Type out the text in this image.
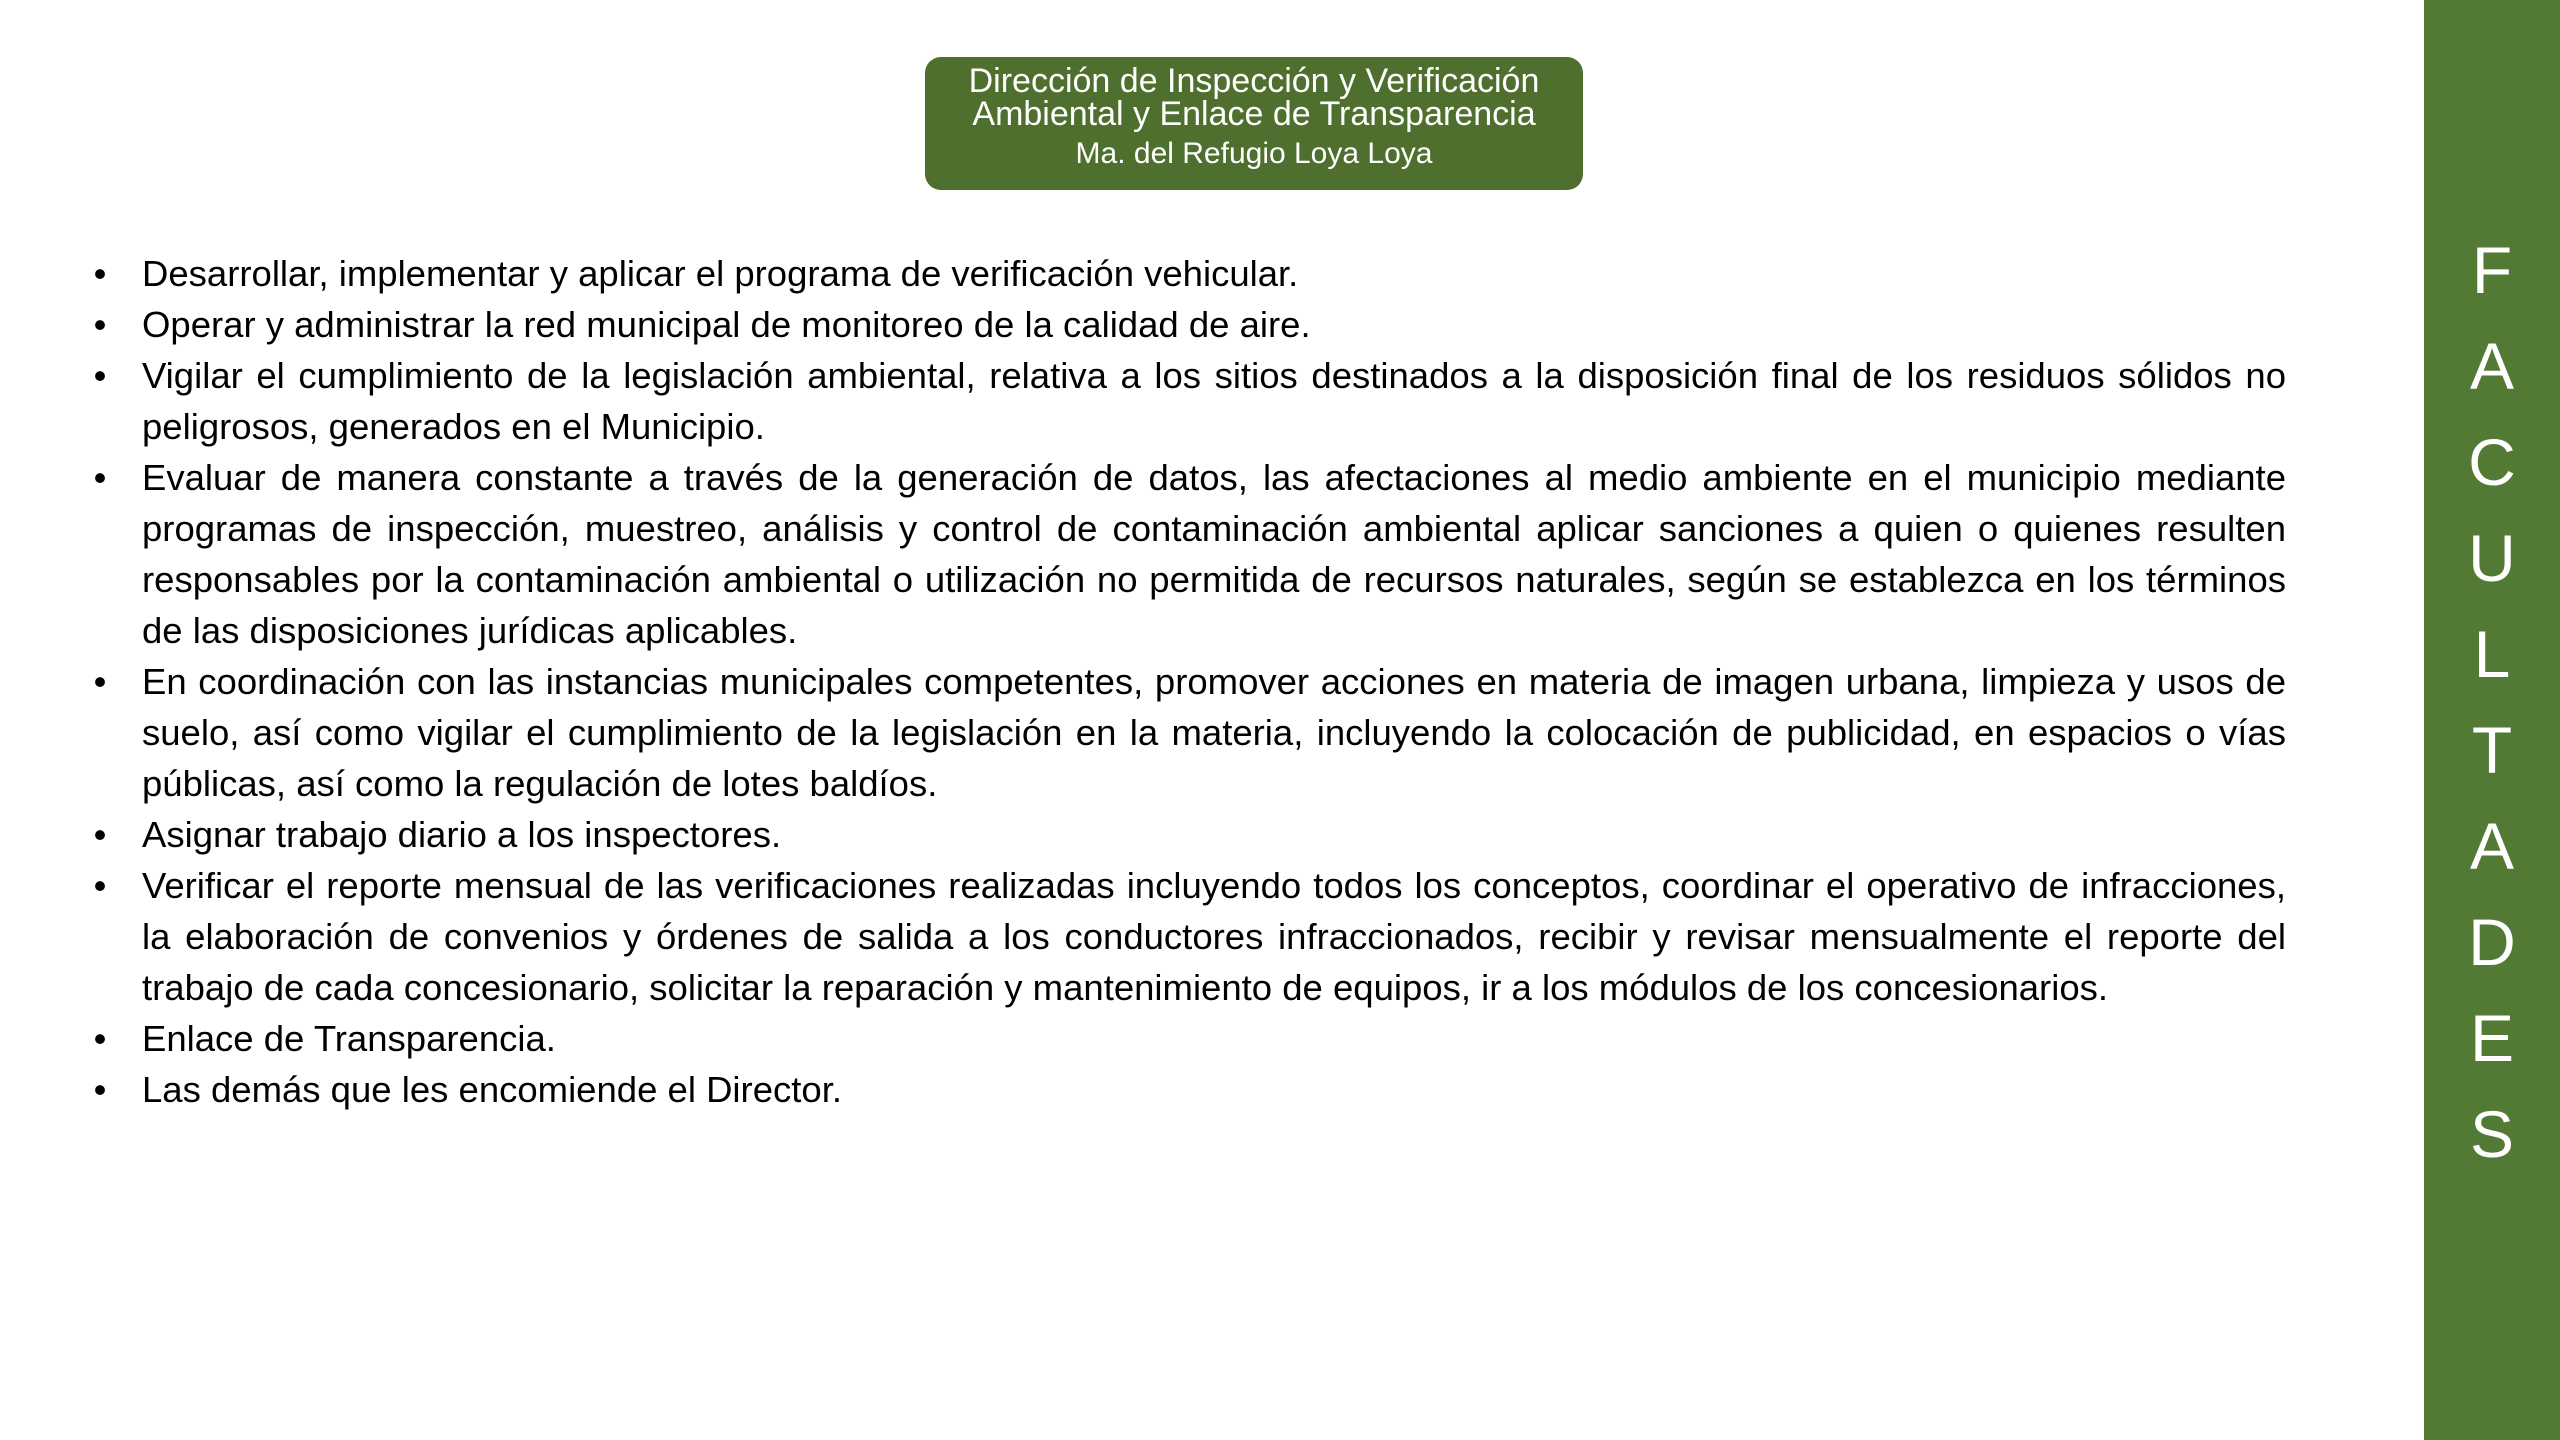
Dirección de Inspección y Verificación
Ambiental y Enlace de Transparencia
Ma. del Refugio Loya Loya
• Desarrollar, implementar y aplicar el programa de verificación vehicular.
• Operar y administrar la red municipal de monitoreo de la calidad de aire.
• Vigilar el cumplimiento de la legislación ambiental, relativa a los sitios destinados a la disposición final de los residuos sólidos no peligrosos, generados en el Municipio.
• Evaluar de manera constante a través de la generación de datos, las afectaciones al medio ambiente en el municipio mediante programas de inspección, muestreo, análisis y control de contaminación ambiental aplicar sanciones a quien o quienes resulten responsables por la contaminación ambiental o utilización no permitida de recursos naturales, según se establezca en los términos de las disposiciones jurídicas aplicables.
• En coordinación con las instancias municipales competentes, promover acciones en materia de imagen urbana, limpieza y usos de suelo, así como vigilar el cumplimiento de la legislación en la materia, incluyendo la colocación de publicidad, en espacios o vías públicas, así como la regulación de lotes baldíos.
• Asignar trabajo diario a los inspectores.
• Verificar el reporte mensual de las verificaciones realizadas incluyendo todos los conceptos, coordinar el operativo de infracciones, la elaboración de convenios y órdenes de salida a los conductores infraccionados, recibir y revisar mensualmente el reporte del trabajo de cada concesionario, solicitar la reparación y mantenimiento de equipos, ir a los módulos de los concesionarios.
• Enlace de Transparencia.
• Las demás que les encomiende el Director.
F
A
C
U
L
T
A
D
E
S
